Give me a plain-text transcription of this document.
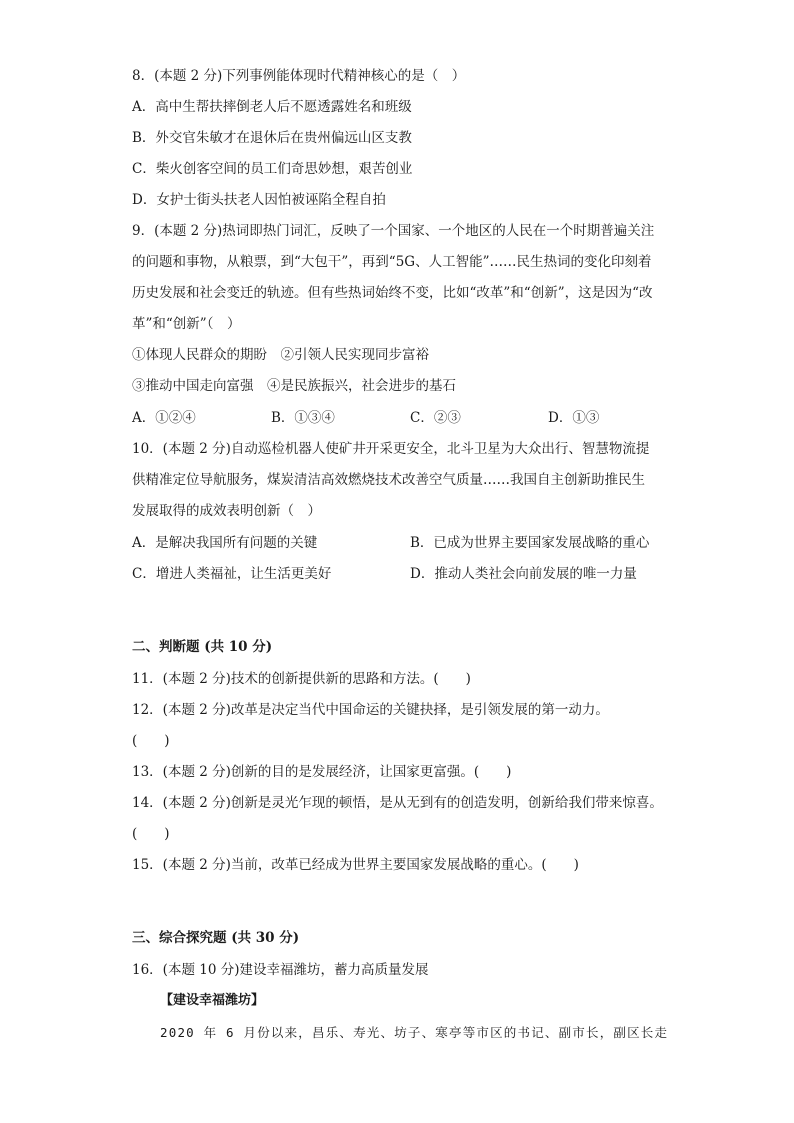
8．(本题 2 分)下列事例能体现时代精神核心的是（　）
A．高中生帮扶摔倒老人后不愿透露姓名和班级
B．外交官朱敏才在退休后在贵州偏远山区支教
C．柴火创客空间的员工们奇思妙想，艰苦创业
D．女护士街头扶老人因怕被诬陷全程自拍
9．(本题 2 分)热词即热门词汇，反映了一个国家、一个地区的人民在一个时期普遍关注
的问题和事物，从粮票，到“大包干”，再到“5G、人工智能”……民生热词的变化印刻着
历史发展和社会变迁的轨迹。但有些热词始终不变，比如“改革”和“创新”，这是因为“改
革”和“创新”（　）
①体现人民群众的期盼　②引领人民实现同步富裕
③推动中国走向富强　④是民族振兴，社会进步的基石
A．①②④	B．①③④	C．②③	D．①③
10．(本题 2 分)自动巡检机器人使矿井开采更安全，北斗卫星为大众出行、智慧物流提
供精准定位导航服务，煤炭清洁高效燃烧技术改善空气质量……我国自主创新助推民生
发展取得的成效表明创新（　）
A．是解决我国所有问题的关键	B．已成为世界主要国家发展战略的重心
C．增进人类福祉，让生活更美好	D．推动人类社会向前发展的唯一力量
二、判断题 (共 10 分)
11．(本题 2 分)技术的创新提供新的思路和方法。(　　)
12．(本题 2 分)改革是决定当代中国命运的关键抉择，是引领发展的第一动力。
(　　)
13．(本题 2 分)创新的目的是发展经济，让国家更富强。(　　)
14．(本题 2 分)创新是灵光乍现的顿悟，是从无到有的创造发明，创新给我们带来惊喜。
(　　)
15．(本题 2 分)当前，改革已经成为世界主要国家发展战略的重心。(　　)
三、综合探究题 (共 30 分)
16．(本题 10 分)建设幸福潍坊，蓄力高质量发展
【建设幸福潍坊】
2020 年 6 月份以来，昌乐、寿光、坊子、寒亭等市区的书记、副市长，副区长走
